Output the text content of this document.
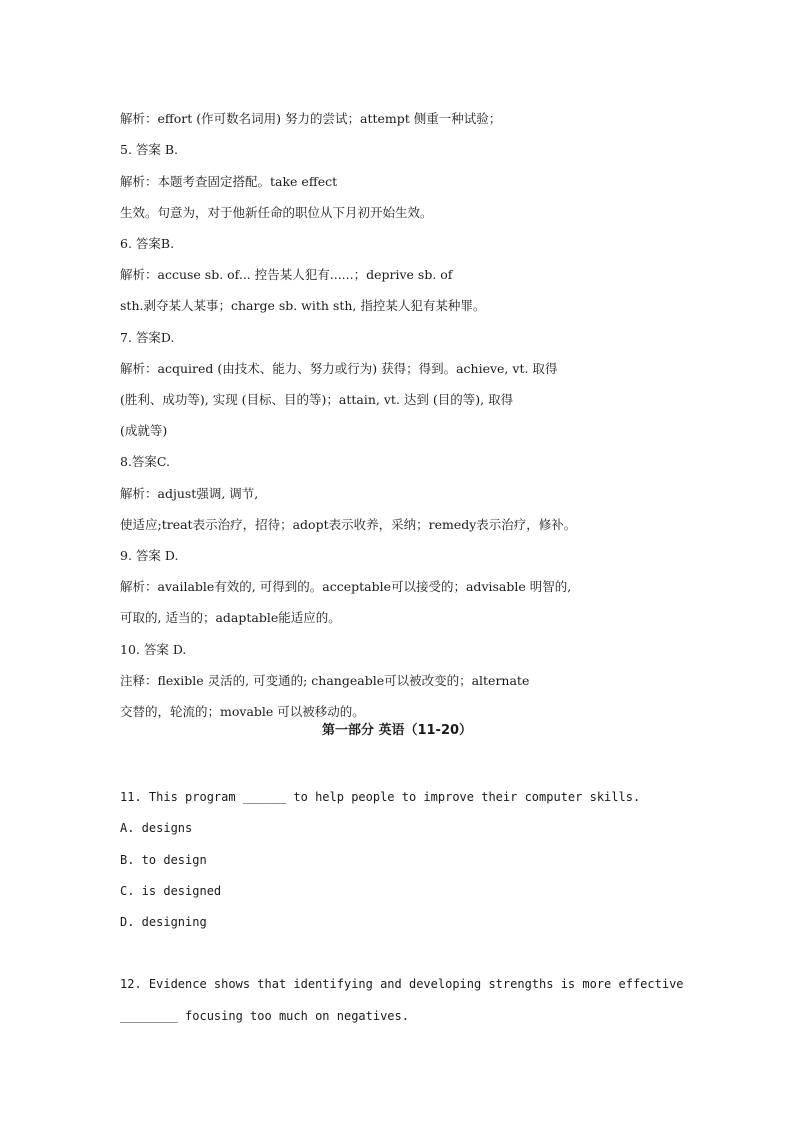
解析：effort (作可数名词用) 努力的尝试；attempt 侧重一种试验；
5. 答案 B.
解析：本题考查固定搭配。take effect
生效。句意为，对于他新任命的职位从下月初开始生效。
6. 答案B.
解析：accuse sb. of... 控告某人犯有......；deprive sb. of
sth.剥夺某人某事；charge sb. with sth, 指控某人犯有某种罪。
7. 答案D.
解析：acquired (由技术、能力、努力或行为) 获得；得到。achieve, vt. 取得
(胜利、成功等), 实现 (目标、目的等)；attain, vt. 达到 (目的等), 取得
(成就等)
8.答案C.
解析：adjust强调, 调节,
使适应;treat表示治疗，招待；adopt表示收养，采纳；remedy表示治疗，修补。
9. 答案 D.
解析：available有效的, 可得到的。acceptable可以接受的；advisable 明智的,
可取的, 适当的；adaptable能适应的。
10. 答案 D.
注释：flexible 灵活的, 可变通的; changeable可以被改变的；alternate
交替的，轮流的；movable 可以被移动的。
第一部分 英语（11-20）
11. This program ______ to help people to improve their computer skills.
A. designs
B. to design
C. is designed
D. designing
12. Evidence shows that identifying and developing strengths is more effective
________ focusing too much on negatives.
